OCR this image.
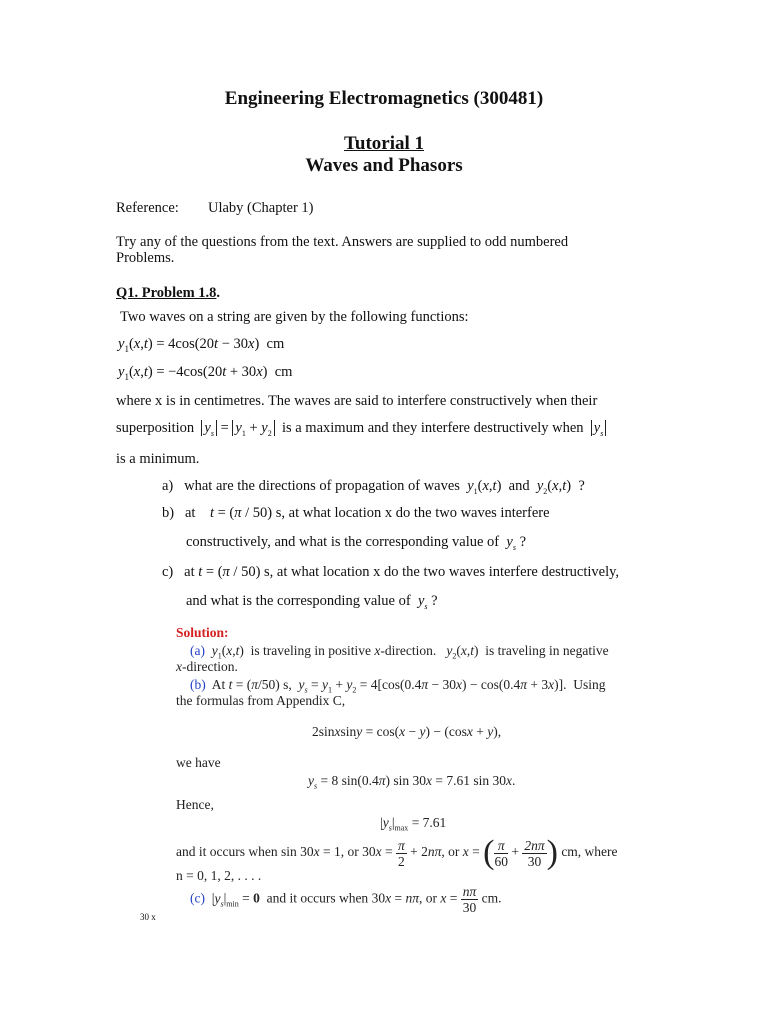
Engineering Electromagnetics (300481)
Tutorial 1
Waves and Phasors
Reference: Ulaby (Chapter 1)
Try any of the questions from the text. Answers are supplied to odd numbered
Problems.
Q1. Problem 1.8.
Two waves on a string are given by the following functions:
$y_1(x,t) = 4\cos(20t - 30x)$ cm
$y_1(x,t) = -4\cos(20t + 30x)$ cm
where x is in centimetres. The waves are said to interfere constructively when their
superposition $y_s = y_1 + y_2$ is a maximum and they interfere destructively when $y_s$
is a minimum.
a) what are the directions of propagation of waves $y_1(x,t)$ and $y_2(x,t)$ ?
b) at t = (π / 50) s, at what location x do the two waves interfere
constructively, and what is the corresponding value of $y_s$ ?
c) at t = (π / 50) s, at what location x do the two waves interfere destructively,
and what is the corresponding value of $y_s$ ?
Solution:
(a) $y_1(x,t)$  is traveling in positive x-direction. $y_2(x,t)$  is traveling in negative
x-direction.
(b) At t = (π/50) s, $y_s = y_1 + y_2 = 4[\cos(0.4\pi - 30x) - \cos(0.4\pi + 3x)]$.  Using
the formulas from Appendix C,
2sinxsiny = cos(x − y) − (cosx + y),
we have
$y_s = 8$ sin(0.4π) sin 30x = 7.61 sin 30x.
Hence,
$|y_s|_{max} = 7.61$
and it occurs when sin 30x = 1, or $30x = \frac{\pi}{2} + 2n\pi$, or x = ( $\frac{\pi}{60} + \frac{2n\pi}{30}$ ) cm, where
n = 0, 1, 2, . . . .
(c)  $|y_s|_{min} = 0$ and it occurs when 30x = nπ, or $x = \frac{n\pi}{30}$ cm.
30 x
